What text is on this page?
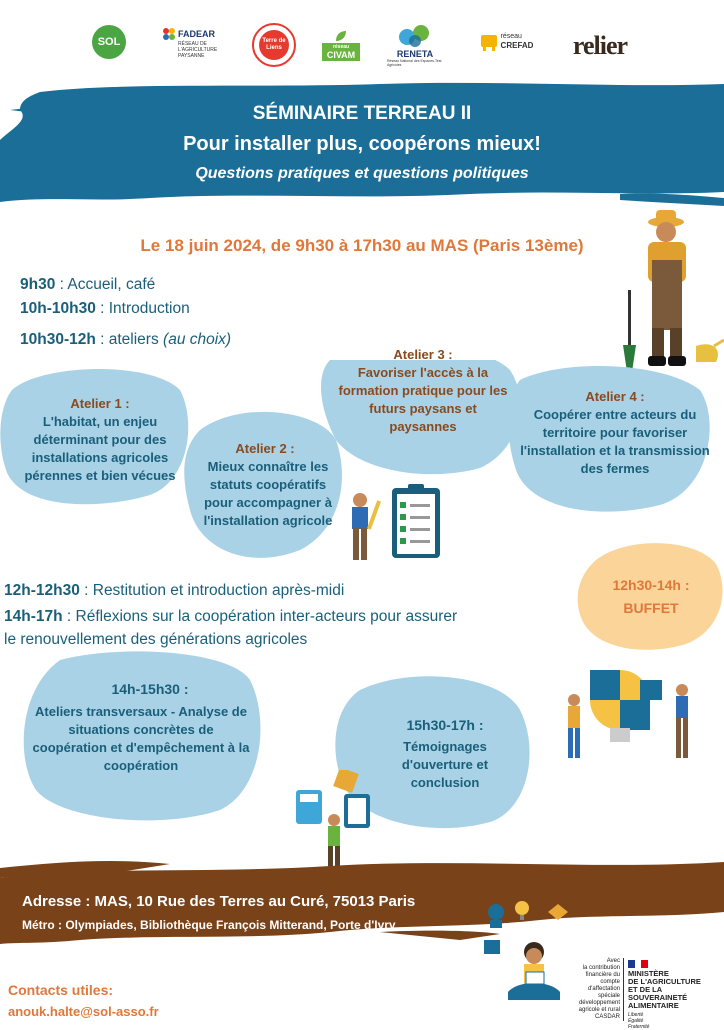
SOL
FADEAR
RÉSEAU DE
L'AGRICULTURE
PAYSANNE
Terre de Liens	réseau
CIVAM	RENETA
Réseau National des Espaces-Test Agricoles
réseau
CREFAD relier
SÉMINAIRE TERREAU II
Pour installer plus, coopérons mieux!
Questions pratiques et questions politiques
Le 18 juin 2024, de 9h30 à 17h30 au MAS (Paris 13ème)
9h30 : Accueil, café
10h-10h30 : Introduction
10h30-12h : ateliers (au choix)
Atelier 1 :
L'habitat, un enjeu déterminant pour des installations agricoles pérennes et bien vécues
Atelier 2 :
Mieux connaître les statuts coopératifs pour accompagner à l'installation agricole
Atelier 3 :
Favoriser l'accès à la formation pratique pour les futurs paysans et paysannes
Atelier 4 :
Coopérer entre acteurs du territoire pour favoriser l'installation et la transmission des fermes
12h-12h30 : Restitution et introduction après-midi
14h-17h : Réflexions sur la coopération inter-acteurs pour assurer
le renouvellement des générations agricoles
12h30-14h :
BUFFET
14h-15h30 :
Ateliers transversaux - Analyse de situations concrètes de coopération et d'empêchement à la coopération
15h30-17h :
Témoignages d'ouverture et conclusion
Adresse : MAS, 10 Rue des Terres au Curé, 75013 Paris
Métro : Olympiades, Bibliothèque François Mitterand, Porte d'Ivry
Contacts utiles:
anouk.halte@sol-asso.fr
Avec
la contribution
financière du compte
d'affectation spéciale
développement
agricole et rural
CASDAR
MINISTÈRE
DE L'AGRICULTURE
ET DE LA SOUVERAINETÉ
ALIMENTAIRE
Liberté
Égalité
Fraternité
